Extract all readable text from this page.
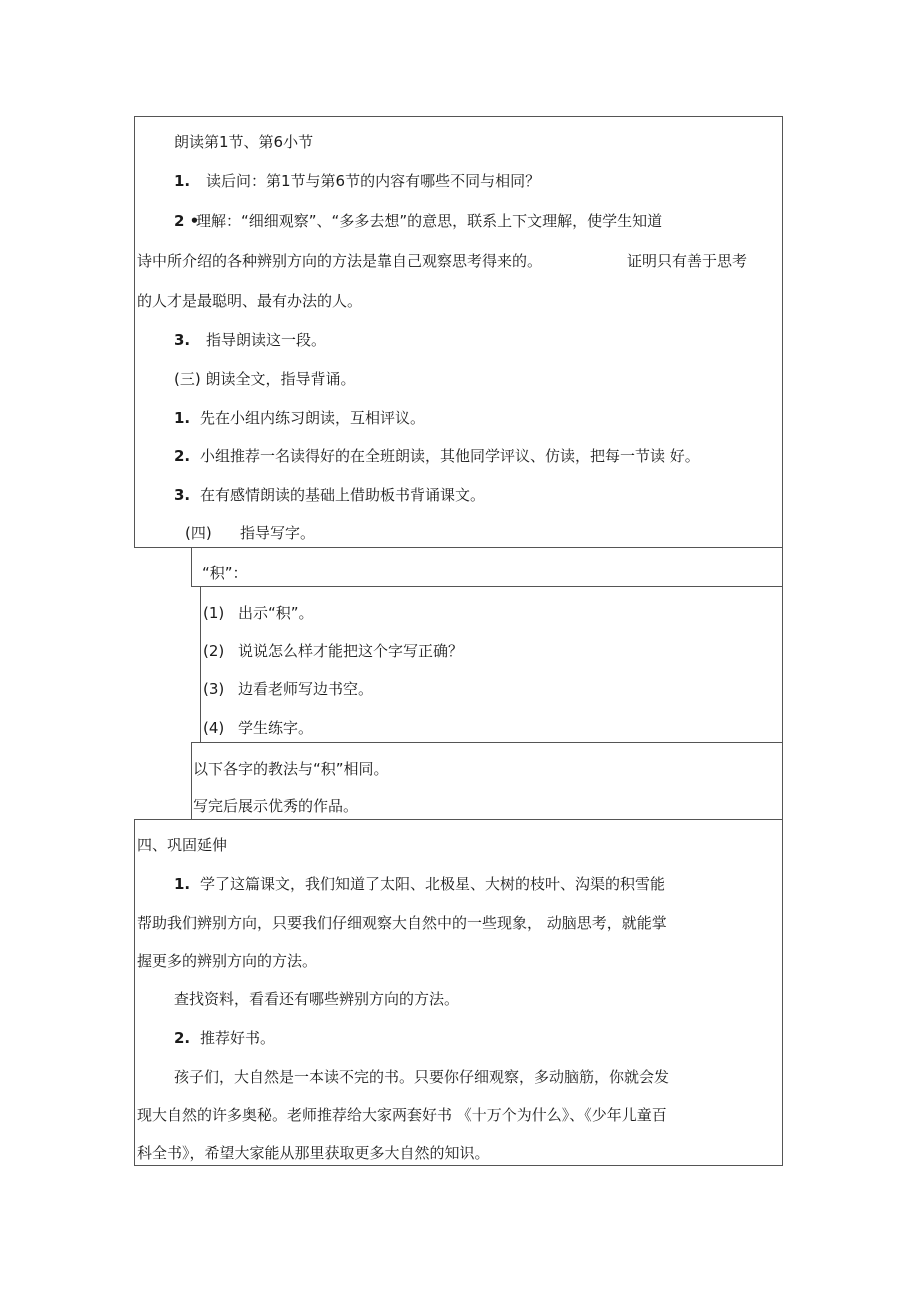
朗读第1节、第6小节
1. 读后问：第1节与第6节的内容有哪些不同与相同？
2 •
理解：“细细观察”、“多多去想”的意思，联系上下文理解，使学生知道
诗中所介绍的各种辨别方向的方法是靠自己观察思考得来的。	证明只有善于思考
的人才是最聪明、最有办法的人。
3. 指导朗读这一段。
(三) 朗读全文，指导背诵。
1. 先在小组内练习朗读，互相评议。
2. 小组推荐一名读得好的在全班朗读，其他同学评议、仿读，把每一节读 好。
3. 在有感情朗读的基础上借助板书背诵课文。
(四) 指导写字。
“积”：
(1) 出示“积”。
(2) 说说怎么样才能把这个字写正确？
(3) 边看老师写边书空。
(4) 学生练字。
以下各字的教法与“积”相同。
写完后展示优秀的作品。
四、巩固延伸
1. 学了这篇课文，我们知道了太阳、北极星、大树的枝叶、沟渠的积雪能
帮助我们辨别方向，只要我们仔细观察大自然中的一些现象， 动脑思考，就能掌
握更多的辨别方向的方法。
查找资料，看看还有哪些辨别方向的方法。
2. 推荐好书。
孩子们，大自然是一本读不完的书。只要你仔细观察，多动脑筋，你就会发
现大自然的许多奥秘。老师推荐给大家两套好书 《十万个为什么》、《少年儿童百
科全书》，希望大家能从那里获取更多大自然的知识。
